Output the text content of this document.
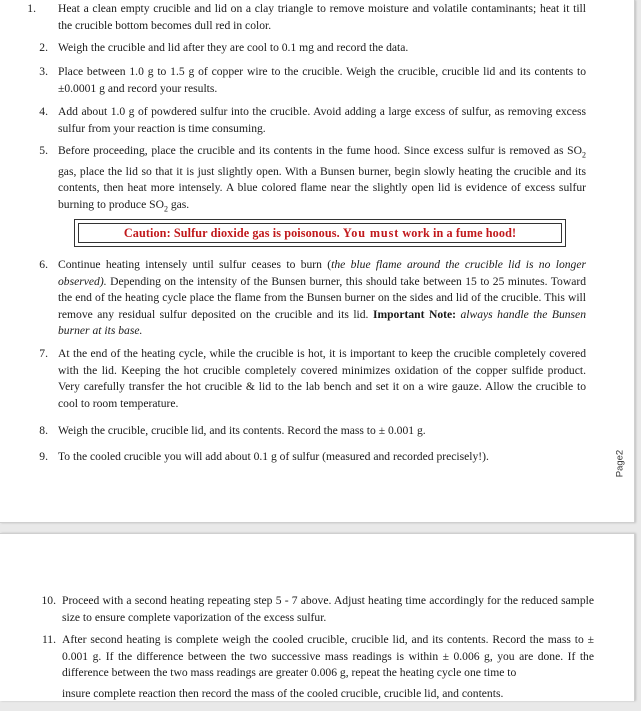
1. Heat a clean empty crucible and lid on a clay triangle to remove moisture and volatile contaminants; heat it till the crucible bottom becomes dull red in color.
2. Weigh the crucible and lid after they are cool to 0.1 mg and record the data.
3. Place between 1.0 g to 1.5 g of copper wire to the crucible. Weigh the crucible, crucible lid and its contents to ±0.0001 g and record your results.
4. Add about 1.0 g of powdered sulfur into the crucible. Avoid adding a large excess of sulfur, as removing excess sulfur from your reaction is time consuming.
5. Before proceeding, place the crucible and its contents in the fume hood. Since excess sulfur is removed as $SO_2$ gas, place the lid so that it is just slightly open. With a Bunsen burner, begin slowly heating the crucible and its contents, then heat more intensely. A blue colored flame near the slightly open lid is evidence of excess sulfur burning to produce $SO_2$ gas.
Caution: Sulfur dioxide gas is poisonous.
You must
work in a fume hood!
6. Continue heating intensely until sulfur ceases to burn (the blue flame around the crucible lid is no longer observed). Depending on the intensity of the Bunsen burner, this should take between 15 to 25 minutes. Toward the end of the heating cycle place the flame from the Bunsen burner on the sides and lid of the crucible. This will remove any residual sulfur deposited on the crucible and its lid. Important Note: always handle the Bunsen burner at its base.
7. At the end of the heating cycle, while the crucible is hot, it is important to keep the crucible completely covered with the lid. Keeping the hot crucible completely covered minimizes oxidation of the copper sulfide product. Very carefully transfer the hot crucible & lid to the lab bench and set it on a wire gauze. Allow the crucible to cool to room temperature.
8. Weigh the crucible, crucible lid, and its contents. Record the mass to ± 0.001 g.
9. To the cooled crucible you will add about 0.1 g of sulfur (measured and recorded precisely!).	Page2
10. Proceed with a second heating repeating step 5 - 7 above. Adjust heating time accordingly for the reduced sample size to ensure complete vaporization of the excess sulfur.
11. After second heating is complete weigh the cooled crucible, crucible lid, and its contents. Record the mass to ± 0.001 g. If the difference between the two successive mass readings is within ± 0.006 g, you are done. If the difference between the two mass readings are greater 0.006 g, repeat the heating cycle one time to
insure complete reaction then record the mass of the cooled crucible, crucible lid, and contents.
